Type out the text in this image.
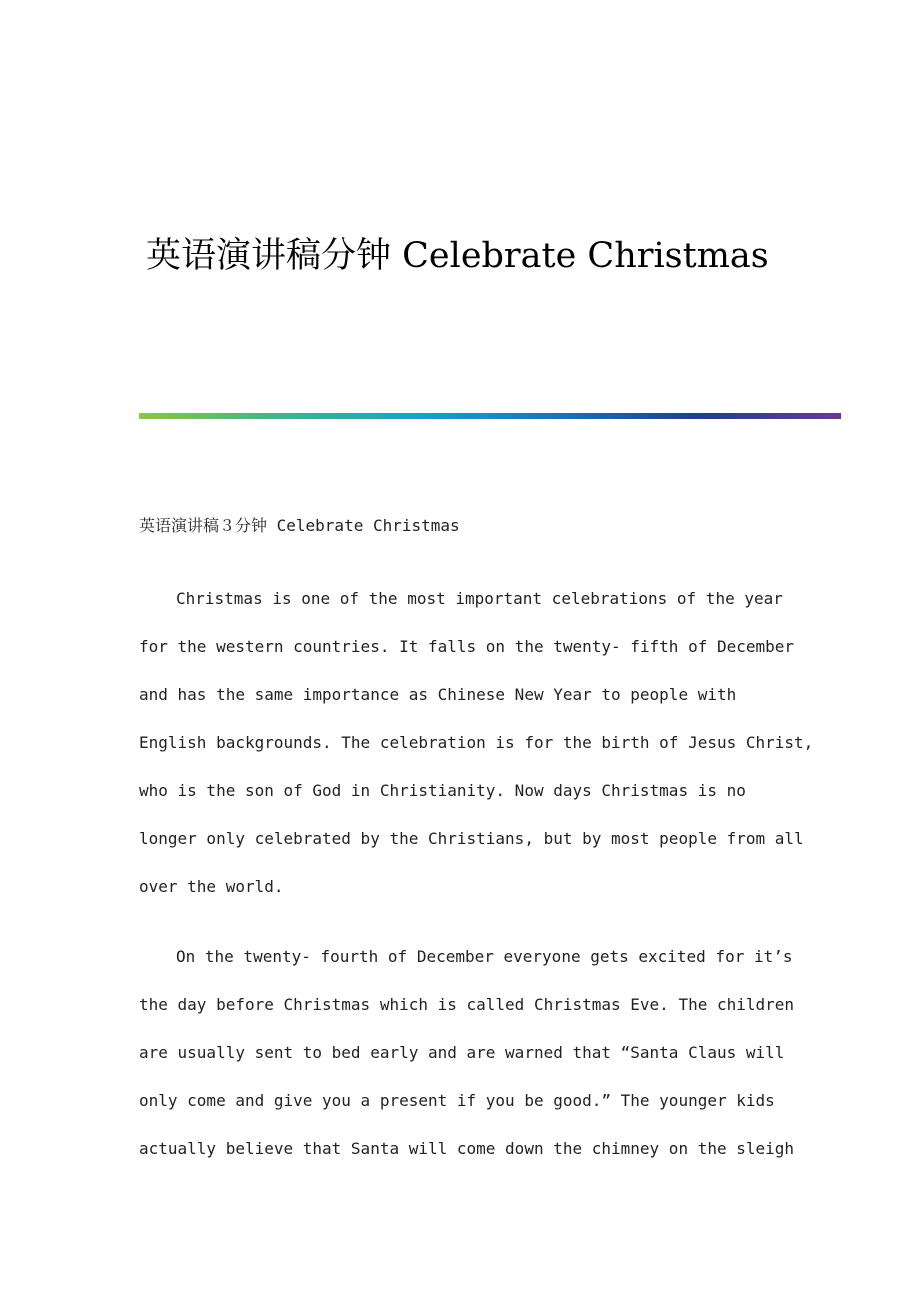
英语演讲稿分钟 Celebrate Christmas

英语演讲稿３分钟 Celebrate Christmas

Christmas is one of the most important celebrations of the year
for the western countries. It falls on the twenty- fifth of December
and has the same importance as Chinese New Year to people with
English backgrounds. The celebration is for the birth of Jesus Christ,
who is the son of God in Christianity. Now days Christmas is no
longer only celebrated by the Christians, but by most people from all
over the world.

On the twenty- fourth of December everyone gets excited for it’s
the day before Christmas which is called Christmas Eve. The children
are usually sent to bed early and are warned that “Santa Claus will
only come and give you a present if you be good.” The younger kids
actually believe that Santa will come down the chimney on the sleigh
